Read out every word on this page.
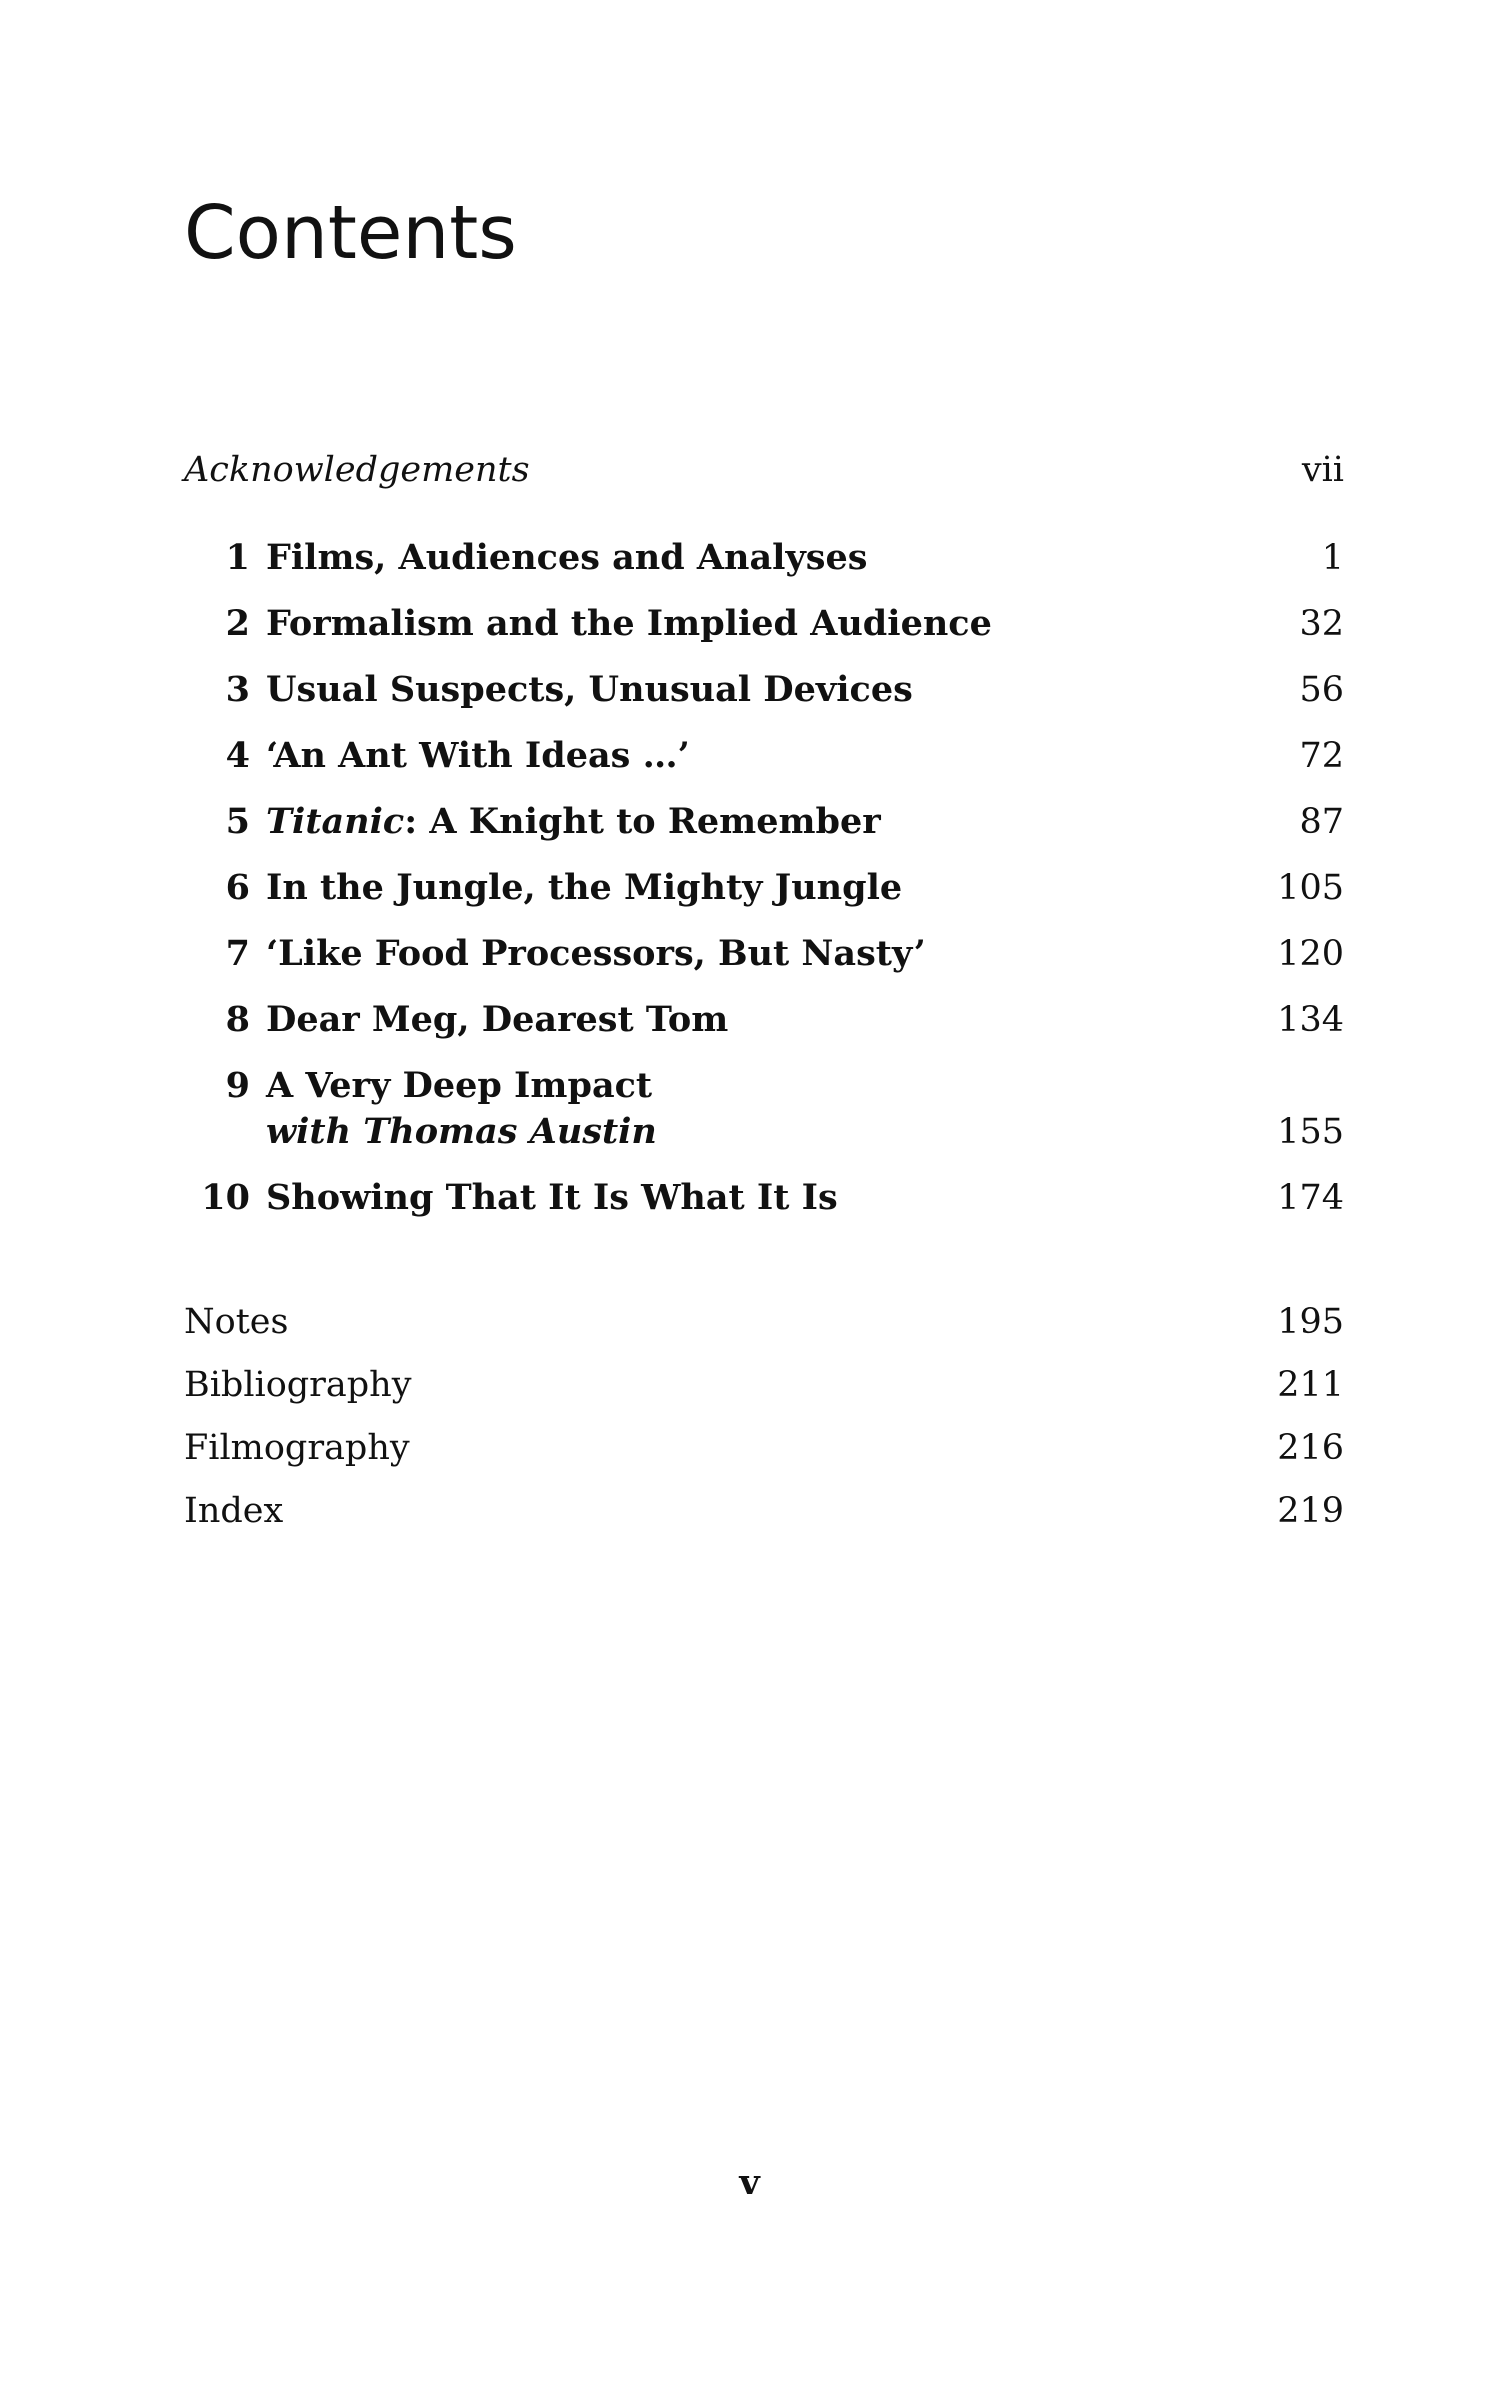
Contents
Acknowledgements	vii
1 Films, Audiences and Analyses	1
2 Formalism and the Implied Audience	32
3 Usual Suspects, Unusual Devices	56
4 ‘An Ant With Ideas …’	72
5 Titanic: A Knight to Remember	87
6 In the Jungle, the Mighty Jungle	105
7 ‘Like Food Processors, But Nasty’	120
8 Dear Meg, Dearest Tom	134
9 A Very Deep Impact
with Thomas Austin	155
10 Showing That It Is What It Is	174
Notes	195
Bibliography	211
Filmography	216
Index	219
v
